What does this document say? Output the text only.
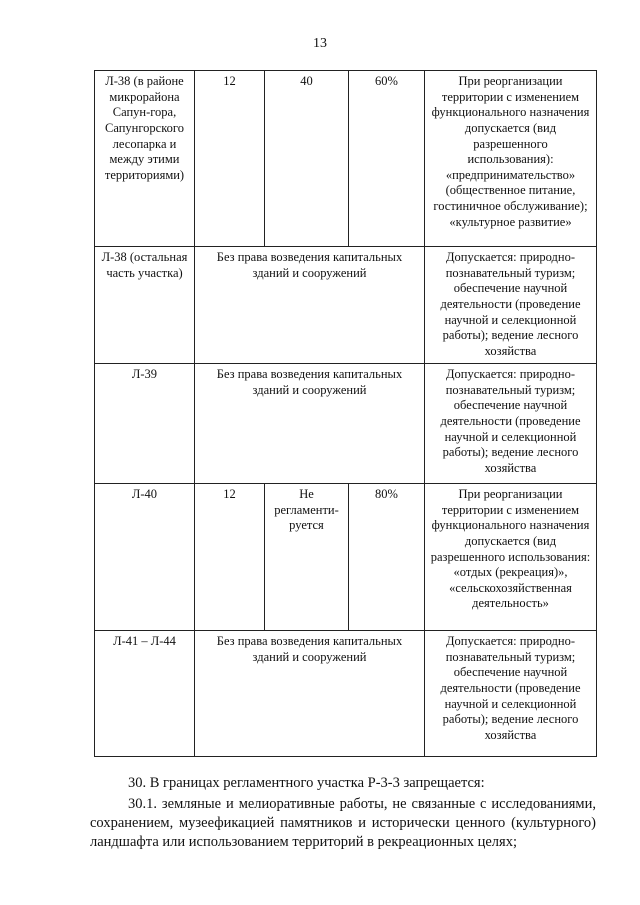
13
Л-38 (в районе микрорайона Сапун-гора, Сапунгорского лесопарка и между этими территориями)	12	40	60%	При реорганизации территории с изменением функционального назначения допускается (вид разрешенного использования): «предпринимательство» (общественное питание, гостиничное обслуживание); «культурное развитие»
Л-38 (остальная часть участка)	Без права возведения капитальных зданий и сооружений			Допускается: природно-познавательный туризм; обеспечение научной деятельности (проведение научной и селекционной работы); ведение лесного хозяйства
Л-39	Без права возведения капитальных зданий и сооружений			Допускается: природно-познавательный туризм; обеспечение научной деятельности (проведение научной и селекционной работы); ведение лесного хозяйства
Л-40	12	Не регламенти-руется	80%	При реорганизации территории с изменением функционального назначения допускается (вид разрешенного использования: «отдых (рекреация)», «сельскохозяйственная деятельность»
Л-41 – Л-44	Без права возведения капитальных зданий и сооружений			Допускается: природно-познавательный туризм; обеспечение научной деятельности (проведение научной и селекционной работы); ведение лесного хозяйства
30. В границах регламентного участка Р-3-3 запрещается:
30.1. земляные и мелиоративные работы, не связанные с исследованиями, сохранением, музеефикацией памятников и исторически ценного (культурного) ландшафта или использованием территорий в рекреационных целях;
